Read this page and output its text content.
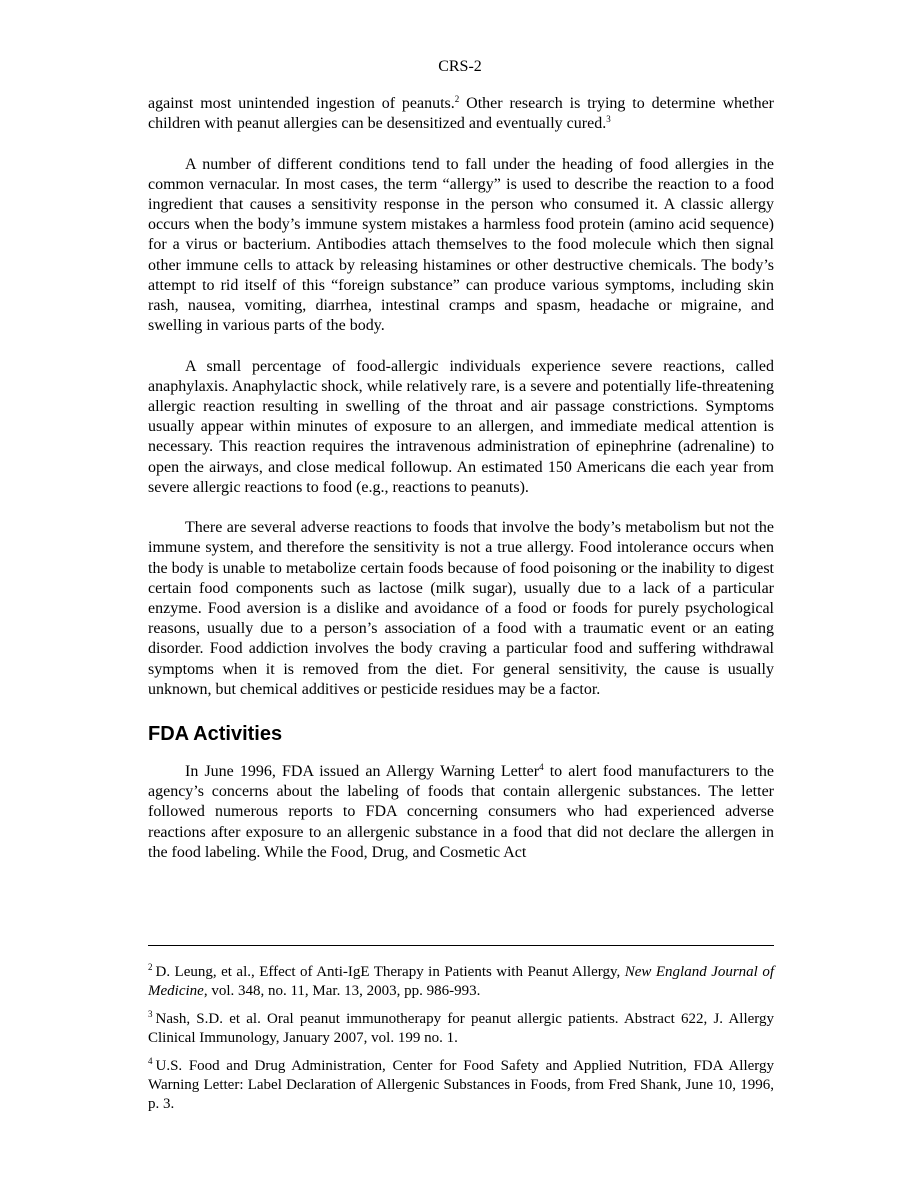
CRS-2

against most unintended ingestion of peanuts.$^2$ Other research is trying to determine whether children with peanut allergies can be desensitized and eventually cured.$^3$

A number of different conditions tend to fall under the heading of food allergies in the common vernacular. In most cases, the term “allergy” is used to describe the reaction to a food ingredient that causes a sensitivity response in the person who consumed it. A classic allergy occurs when the body’s immune system mistakes a harmless food protein (amino acid sequence) for a virus or bacterium. Antibodies attach themselves to the food molecule which then signal other immune cells to attack by releasing histamines or other destructive chemicals. The body’s attempt to rid itself of this “foreign substance” can produce various symptoms, including skin rash, nausea, vomiting, diarrhea, intestinal cramps and spasm, headache or migraine, and swelling in various parts of the body.

A small percentage of food-allergic individuals experience severe reactions, called anaphylaxis. Anaphylactic shock, while relatively rare, is a severe and potentially life-threatening allergic reaction resulting in swelling of the throat and air passage constrictions. Symptoms usually appear within minutes of exposure to an allergen, and immediate medical attention is necessary. This reaction requires the intravenous administration of epinephrine (adrenaline) to open the airways, and close medical followup. An estimated 150 Americans die each year from severe allergic reactions to food (e.g., reactions to peanuts).

There are several adverse reactions to foods that involve the body’s metabolism but not the immune system, and therefore the sensitivity is not a true allergy. Food intolerance occurs when the body is unable to metabolize certain foods because of food poisoning or the inability to digest certain food components such as lactose (milk sugar), usually due to a lack of a particular enzyme. Food aversion is a dislike and avoidance of a food or foods for purely psychological reasons, usually due to a person’s association of a food with a traumatic event or an eating disorder. Food addiction involves the body craving a particular food and suffering withdrawal symptoms when it is removed from the diet. For general sensitivity, the cause is usually unknown, but chemical additives or pesticide residues may be a factor.

FDA Activities

In June 1996, FDA issued an Allergy Warning Letter$^4$ to alert food manufacturers to the agency’s concerns about the labeling of foods that contain allergenic substances. The letter followed numerous reports to FDA concerning consumers who had experienced adverse reactions after exposure to an allergenic substance in a food that did not declare the allergen in the food labeling. While the Food, Drug, and Cosmetic Act

$^2$ D. Leung, et al., Effect of Anti-IgE Therapy in Patients with Peanut Allergy, New England Journal of Medicine, vol. 348, no. 11, Mar. 13, 2003, pp. 986-993.

$^3$ Nash, S.D. et al. Oral peanut immunotherapy for peanut allergic patients. Abstract 622, J. Allergy Clinical Immunology, January 2007, vol. 199 no. 1.

$^4$ U.S. Food and Drug Administration, Center for Food Safety and Applied Nutrition, FDA Allergy Warning Letter: Label Declaration of Allergenic Substances in Foods, from Fred Shank, June 10, 1996, p. 3.
